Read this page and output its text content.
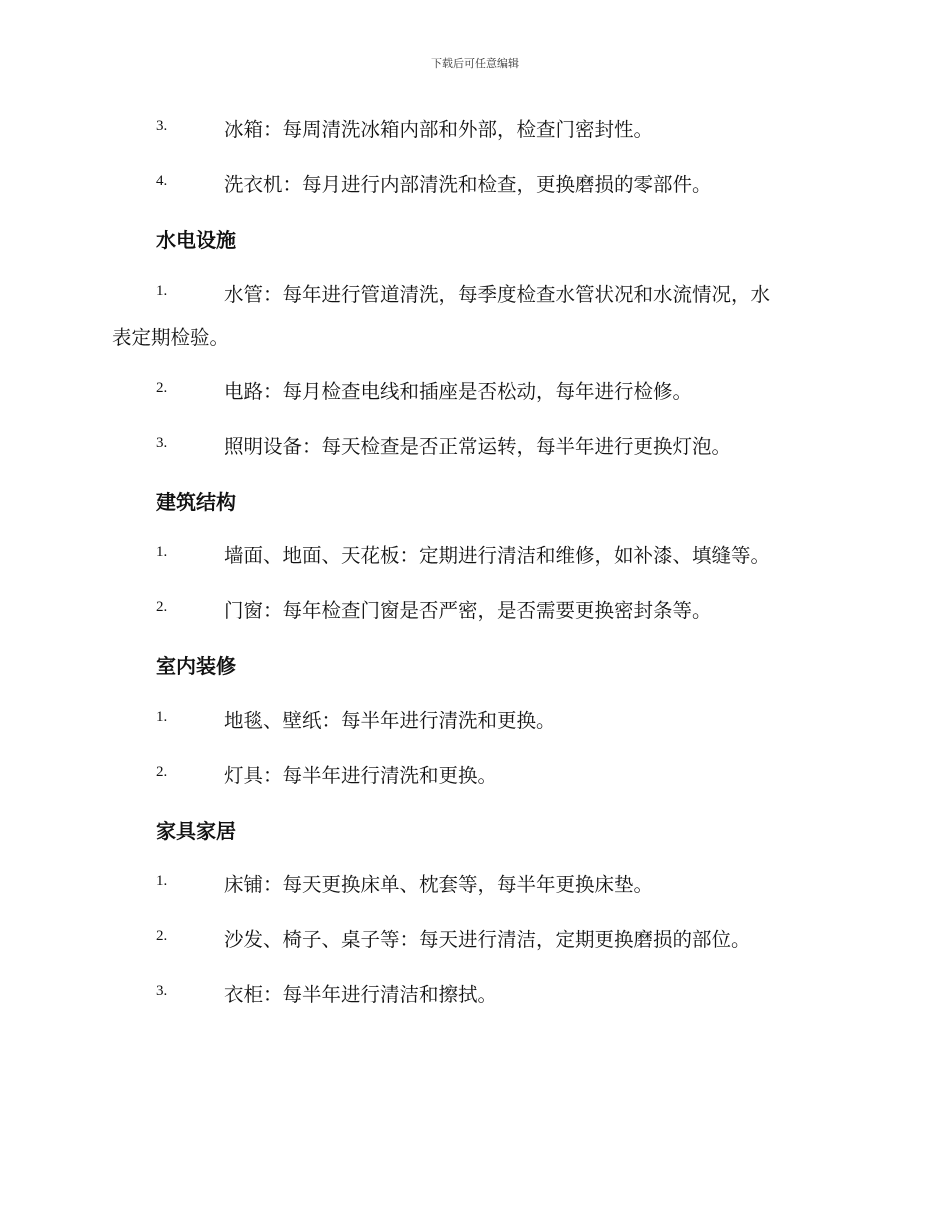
下载后可任意编辑
3.	冰箱：每周清洗冰箱内部和外部，检查门密封性。
4.	洗衣机：每月进行内部清洗和检查，更换磨损的零部件。
水电设施
1.	水管：每年进行管道清洗，每季度检查水管状况和水流情况，水
表定期检验。
2.	电路：每月检查电线和插座是否松动，每年进行检修。
3.	照明设备：每天检查是否正常运转，每半年进行更换灯泡。
建筑结构
1.	墙面、地面、天花板：定期进行清洁和维修，如补漆、填缝等。
2.	门窗：每年检查门窗是否严密，是否需要更换密封条等。
室内装修
1.	地毯、壁纸：每半年进行清洗和更换。
2.	灯具：每半年进行清洗和更换。
家具家居
1.	床铺：每天更换床单、枕套等，每半年更换床垫。
2.	沙发、椅子、桌子等：每天进行清洁，定期更换磨损的部位。
3.	衣柜：每半年进行清洁和擦拭。
